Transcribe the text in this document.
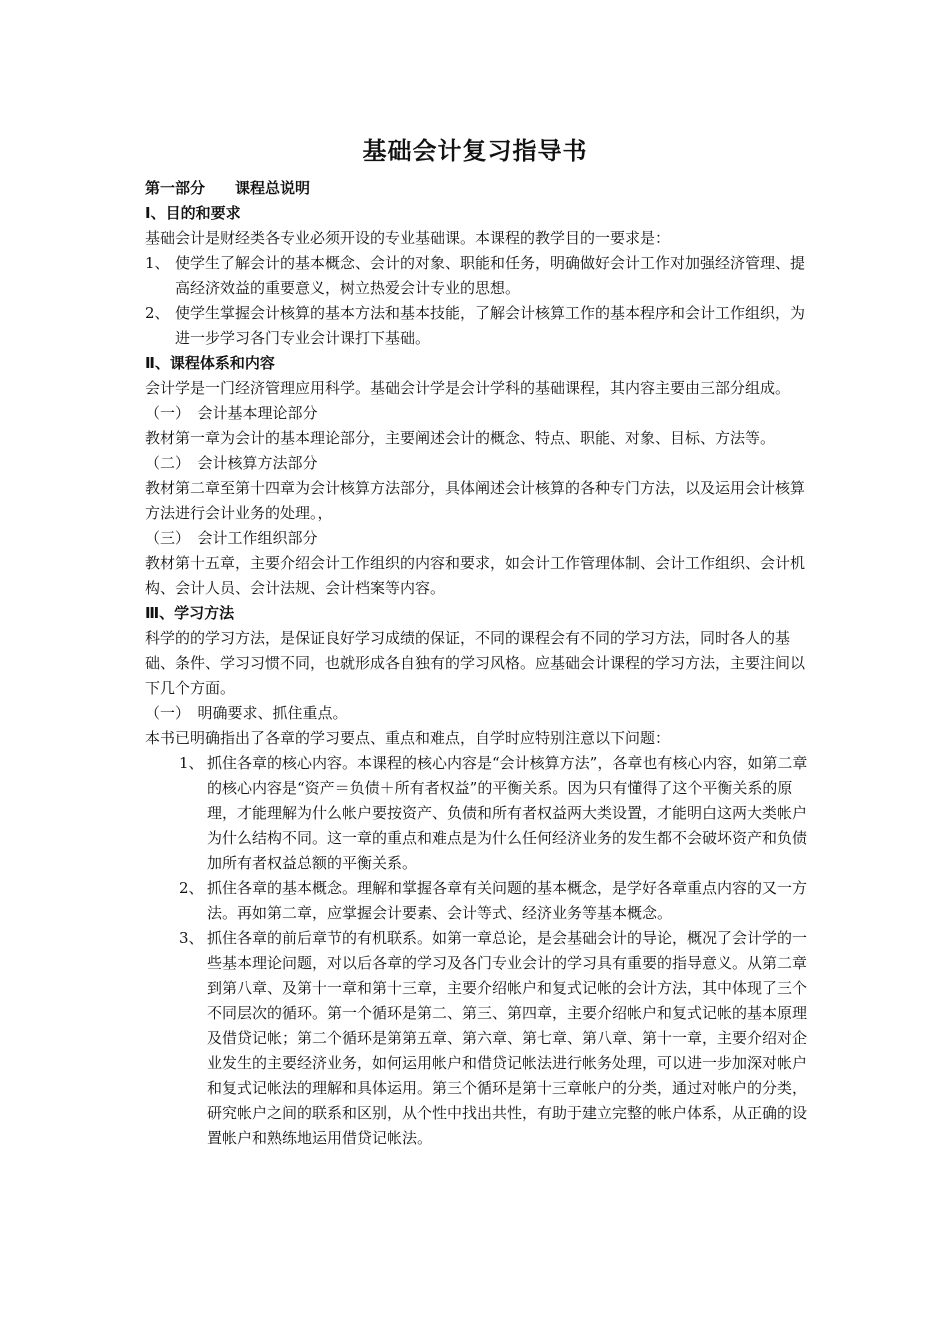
基础会计复习指导书
第一部分　　课程总说明
Ⅰ、目的和要求

基础会计是财经类各专业必须开设的专业基础课。本课程的教学目的一要求是：

1、 使学生了解会计的基本概念、会计的对象、职能和任务，明确做好会计工作对加强经济管理、提高经济效益的重要意义，树立热爱会计专业的思想。
2、 使学生掌握会计核算的基本方法和基本技能，了解会计核算工作的基本程序和会计工作组织，为进一步学习各门专业会计课打下基础。
Ⅱ、课程体系和内容

会计学是一门经济管理应用科学。基础会计学是会计学科的基础课程，其内容主要由三部分组成。

（一）　会计基本理论部分

教材第一章为会计的基本理论部分，主要阐述会计的概念、特点、职能、对象、目标、方法等。

（二）　会计核算方法部分

教材第二章至第十四章为会计核算方法部分，具体阐述会计核算的各种专门方法，以及运用会计核算方法进行会计业务的处理。，

（三）　会计工作组织部分

教材第十五章，主要介绍会计工作组织的内容和要求，如会计工作管理体制、会计工作组织、会计机构、会计人员、会计法规、会计档案等内容。

Ⅲ、学习方法

科学的的学习方法，是保证良好学习成绩的保证，不同的课程会有不同的学习方法，同时各人的基础、条件、学习习惯不同，也就形成各自独有的学习风格。应基础会计课程的学习方法，主要注间以下几个方面。

（一）　明确要求、抓住重点。

本书已明确指出了各章的学习要点、重点和难点，自学时应特别注意以下问题：

1、 抓住各章的核心内容。本课程的核心内容是“会计核算方法”，各章也有核心内容，如第二章的核心内容是“资产＝负债＋所有者权益”的平衡关系。因为只有懂得了这个平衡关系的原理，才能理解为什么帐户要按资产、负债和所有者权益两大类设置，才能明白这两大类帐户为什么结构不同。这一章的重点和难点是为什么任何经济业务的发生都不会破坏资产和负债加所有者权益总额的平衡关系。
2、 抓住各章的基本概念。理解和掌握各章有关问题的基本概念，是学好各章重点内容的又一方法。再如第二章，应掌握会计要素、会计等式、经济业务等基本概念。
3、 抓住各章的前后章节的有机联系。如第一章总论，是会基础会计的导论，概况了会计学的一些基本理论问题，对以后各章的学习及各门专业会计的学习具有重要的指导意义。从第二章到第八章、及第十一章和第十三章，主要介绍帐户和复式记帐的会计方法，其中体现了三个不同层次的循环。第一个循环是第二、第三、第四章，主要介绍帐户和复式记帐的基本原理及借贷记帐；第二个循环是第第五章、第六章、第七章、第八章、第十一章，主要介绍对企业发生的主要经济业务，如何运用帐户和借贷记帐法进行帐务处理，可以进一步加深对帐户和复式记帐法的理解和具体运用。第三个循环是第十三章帐户的分类，通过对帐户的分类，研究帐户之间的联系和区别，从个性中找出共性，有助于建立完整的帐户体系，从正确的设置帐户和熟练地运用借贷记帐法。
